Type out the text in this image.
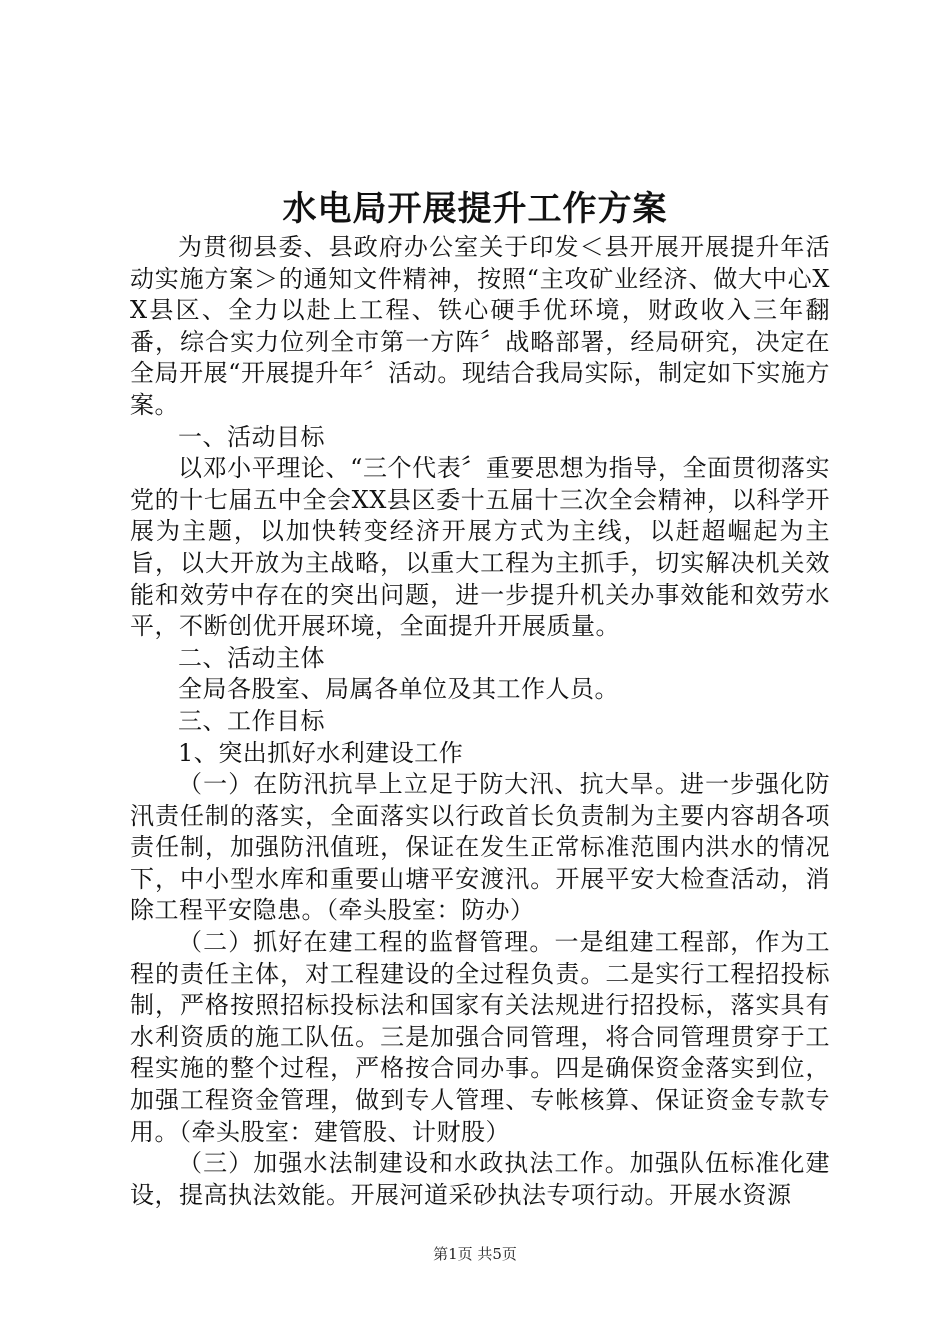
水电局开展提升工作方案

为贯彻县委、县政府办公室关于印发＜县开展开展提升年活动实施方案＞的通知文件精神，按照“主攻矿业经济、做大中心XX县区、全力以赴上工程、铁心硬手优环境，财政收入三年翻番，综合实力位列全市第一方阵〞战略部署，经局研究，决定在全局开展“开展提升年〞活动。现结合我局实际，制定如下实施方案。

一、活动目标

以邓小平理论、“三个代表〞重要思想为指导，全面贯彻落实党的十七届五中全会XX县区委十五届十三次全会精神，以科学开展为主题，以加快转变经济开展方式为主线，以赶超崛起为主旨，以大开放为主战略，以重大工程为主抓手，切实解决机关效能和效劳中存在的突出问题，进一步提升机关办事效能和效劳水平，不断创优开展环境，全面提升开展质量。

二、活动主体

全局各股室、局属各单位及其工作人员。

三、工作目标

1、突出抓好水利建设工作

（一）在防汛抗旱上立足于防大汛、抗大旱。进一步强化防汛责任制的落实，全面落实以行政首长负责制为主要内容胡各项责任制，加强防汛值班，保证在发生正常标准范围内洪水的情况下，中小型水库和重要山塘平安渡汛。开展平安大检查活动，消除工程平安隐患。（牵头股室：防办）

（二）抓好在建工程的监督管理。一是组建工程部，作为工程的责任主体，对工程建设的全过程负责。二是实行工程招投标制，严格按照招标投标法和国家有关法规进行招投标，落实具有水利资质的施工队伍。三是加强合同管理，将合同管理贯穿于工程实施的整个过程，严格按合同办事。四是确保资金落实到位，加强工程资金管理，做到专人管理、专帐核算、保证资金专款专用。（牵头股室：建管股、计财股）

（三）加强水法制建设和水政执法工作。加强队伍标准化建设，提高执法效能。开展河道采砂执法专项行动。开展水资源

第1页 共5页
